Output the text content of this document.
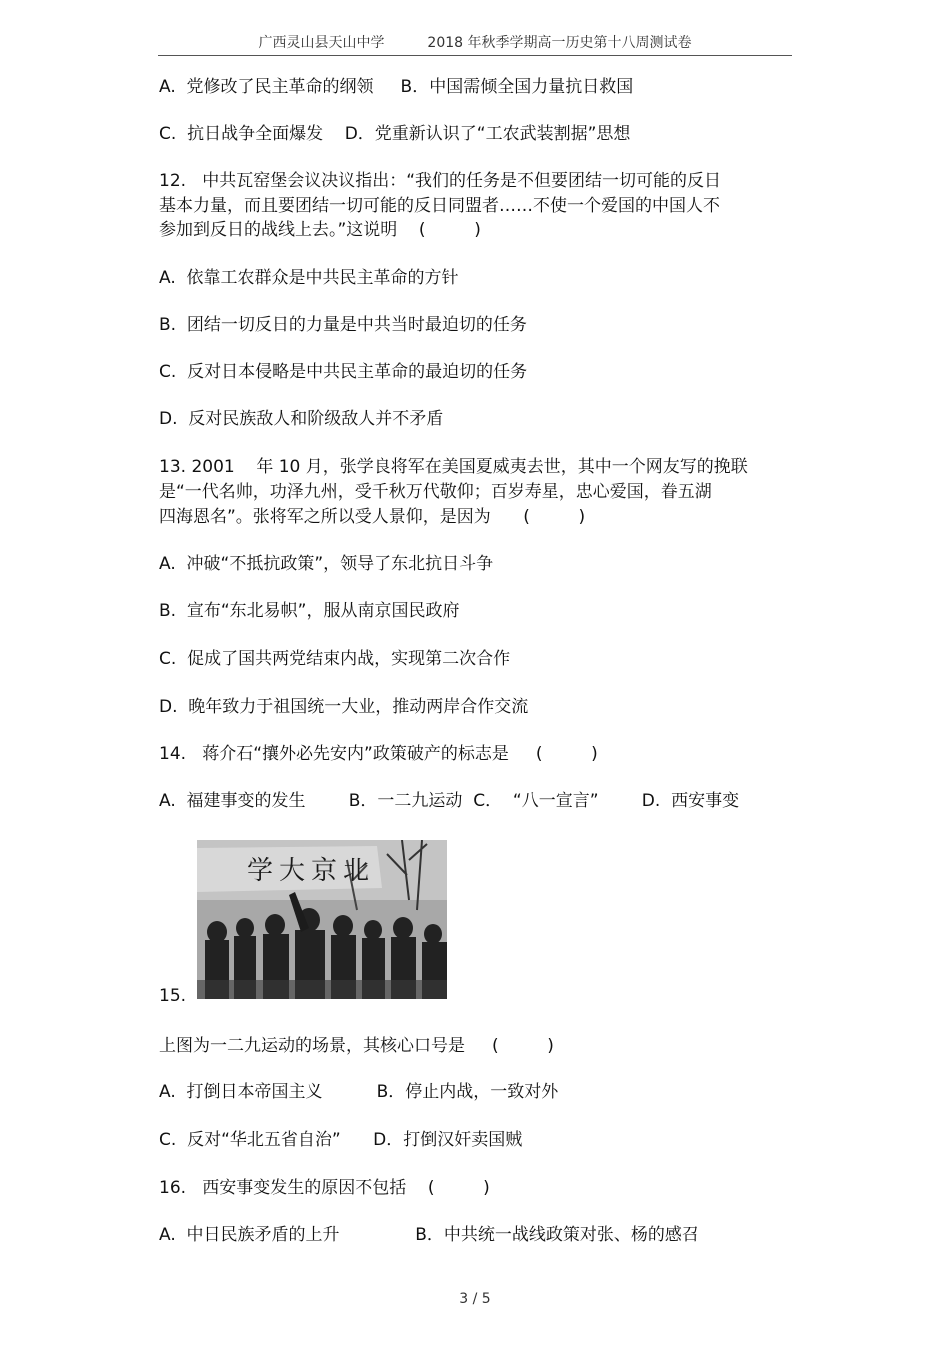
广西灵山县天山中学	2018 年秋季学期高一历史第十八周测试卷
A.  党修改了民主革命的纲领     B．中国需倾全国力量抗日救国
C.  抗日战争全面爆发    D．党重新认识了“工农武装割据”思想
12.   中共瓦窑堡会议决议指出：“我们的任务是不但要团结一切可能的反日
基本力量，而且要团结一切可能的反日同盟者……不使一个爱国的中国人不
参加到反日的战线上去。”这说明    (         )
A.  依靠工农群众是中共民主革命的方针
B.  团结一切反日的力量是中共当时最迫切的任务
C.  反对日本侵略是中共民主革命的最迫切的任务
D.  反对民族敌人和阶级敌人并不矛盾
13. 2001    年 10 月，张学良将军在美国夏威夷去世，其中一个网友写的挽联
是“一代名帅，功泽九州，受千秋万代敬仰；百岁寿星，忠心爱国，眷五湖
四海恩名”。张将军之所以受人景仰，是因为      (         )
A.  冲破“不抵抗政策”，领导了东北抗日斗争
B.  宣布“东北易帜”，服从南京国民政府
C.  促成了国共两党结束内战，实现第二次合作
D.  晚年致力于祖国统一大业，推动两岸合作交流
14.   蒋介石“攘外必先安内”政策破产的标志是     (         )
A.  福建事变的发生        B．一二九运动  C．  “八一宣言”        D.  西安事变
北京大学
15.
上图为一二九运动的场景，其核心口号是     (         )
A.  打倒日本帝国主义          B．停止内战，一致对外
C.  反对“华北五省自治”      D．打倒汉奸卖国贼
16.   西安事变发生的原因不包括    (         )
A.  中日民族矛盾的上升              B．中共统一战线政策对张、杨的感召
3 / 5
